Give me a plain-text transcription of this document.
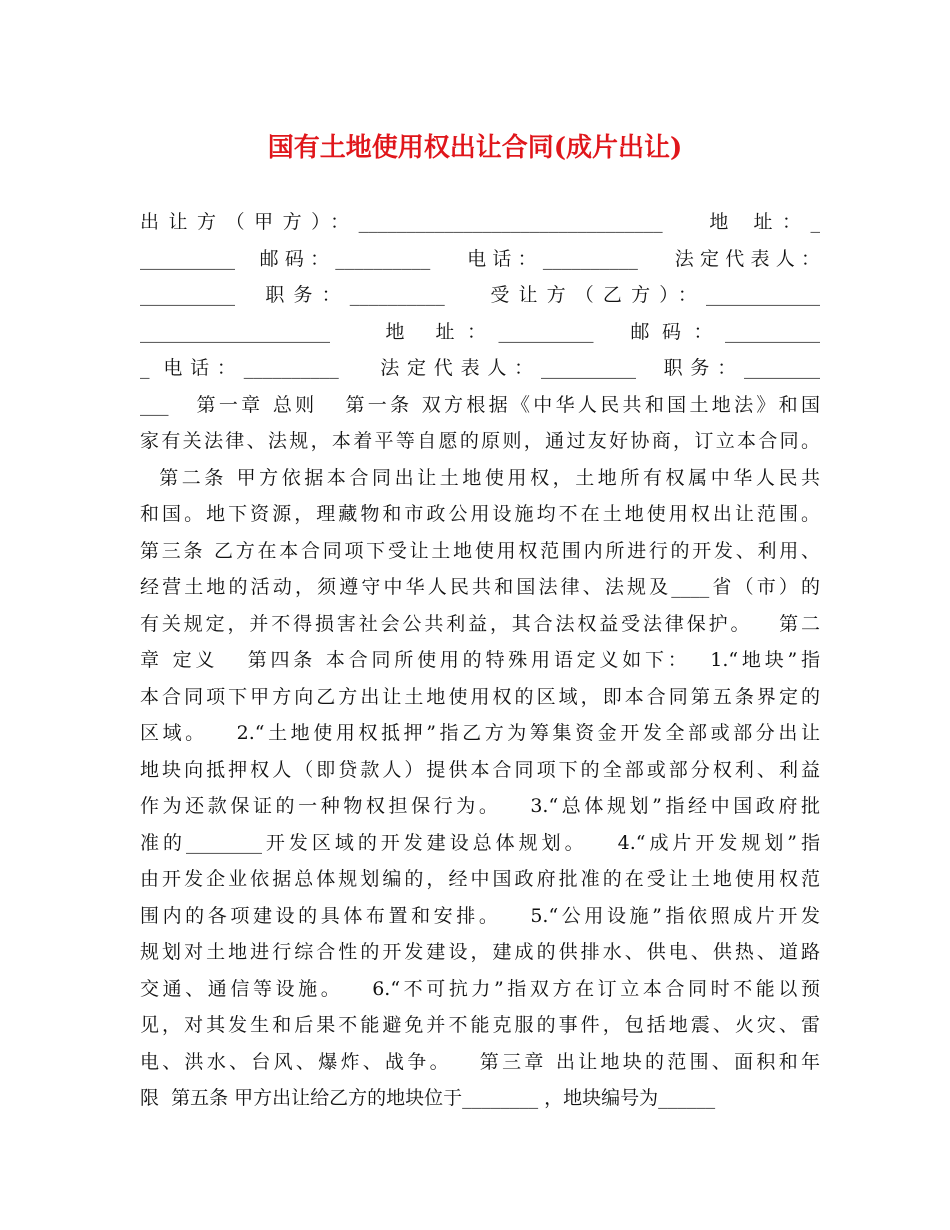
国有土地使用权出让合同(成片出让)
出让方（甲方）：________________________________   地 址：_
__________  邮码：__________   电话：__________   法定代表人：
__________  职务：__________   受让方（乙方）：____________
____________________   地 址：__________  邮码：__________
_ 电话：__________   法定代表人：__________  职务：________
___   第一章 总则   第一条 双方根据《中华人民共和国土地法》和国
家有关法律、法规，本着平等自愿的原则，通过友好协商，订立本合同。
第二条 甲方依据本合同出让土地使用权，土地所有权属中华人民共
和国。地下资源，理藏物和市政公用设施均不在土地使用权出让范围。
第三条 乙方在本合同项下受让土地使用权范围内所进行的开发、利用、
经营土地的活动，须遵守中华人民共和国法律、法规及____省（市）的
有关规定，并不得损害社会公共利益，其合法权益受法律保护。   第二
章 定义   第四条 本合同所使用的特殊用语定义如下：  1.“地块”指
本合同项下甲方向乙方出让土地使用权的区域，即本合同第五条界定的
区域。   2.“土地使用权抵押”指乙方为筹集资金开发全部或部分出让
地块向抵押权人（即贷款人）提供本合同项下的全部或部分权利、利益
作为还款保证的一种物权担保行为。   3.“总体规划”指经中国政府批
准的________开发区域的开发建设总体规划。   4.“成片开发规划”指
由开发企业依据总体规划编的，经中国政府批准的在受让土地使用权范
围内的各项建设的具体布置和安排。   5.“公用设施”指依照成片开发
规划对土地进行综合性的开发建设，建成的供排水、供电、供热、道路
交通、通信等设施。   6.“不可抗力”指双方在订立本合同时不能以预
见，对其发生和后果不能避免并不能克服的事件，包括地震、火灾、雷
电、洪水、台风、爆炸、战争。   第三章 出让地块的范围、面积和年
限  第五条 甲方出让给乙方的地块位于________ ，地块编号为______
